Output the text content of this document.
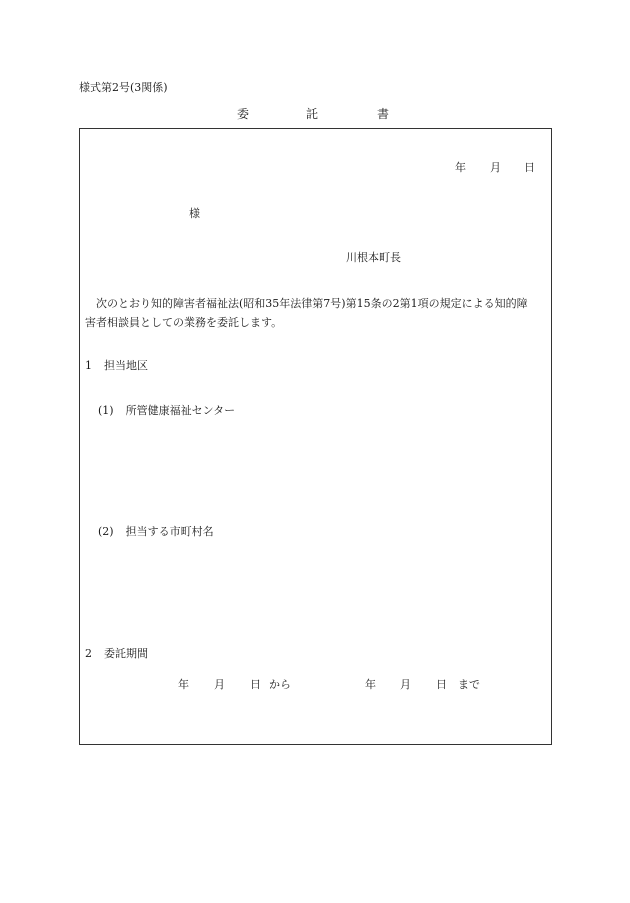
様式第2号(3関係)
委	託	書
年 月 日
様
川根本町長
次のとおり知的障害者福祉法(昭和35年法律第7号)第15条の2第1項の規定による知的障
害者相談員としての業務を委託します。
1 担当地区
(1) 所管健康福祉センター
(2) 担当する市町村名
2 委託期間
年 月 日 から	年 月 日 まで
